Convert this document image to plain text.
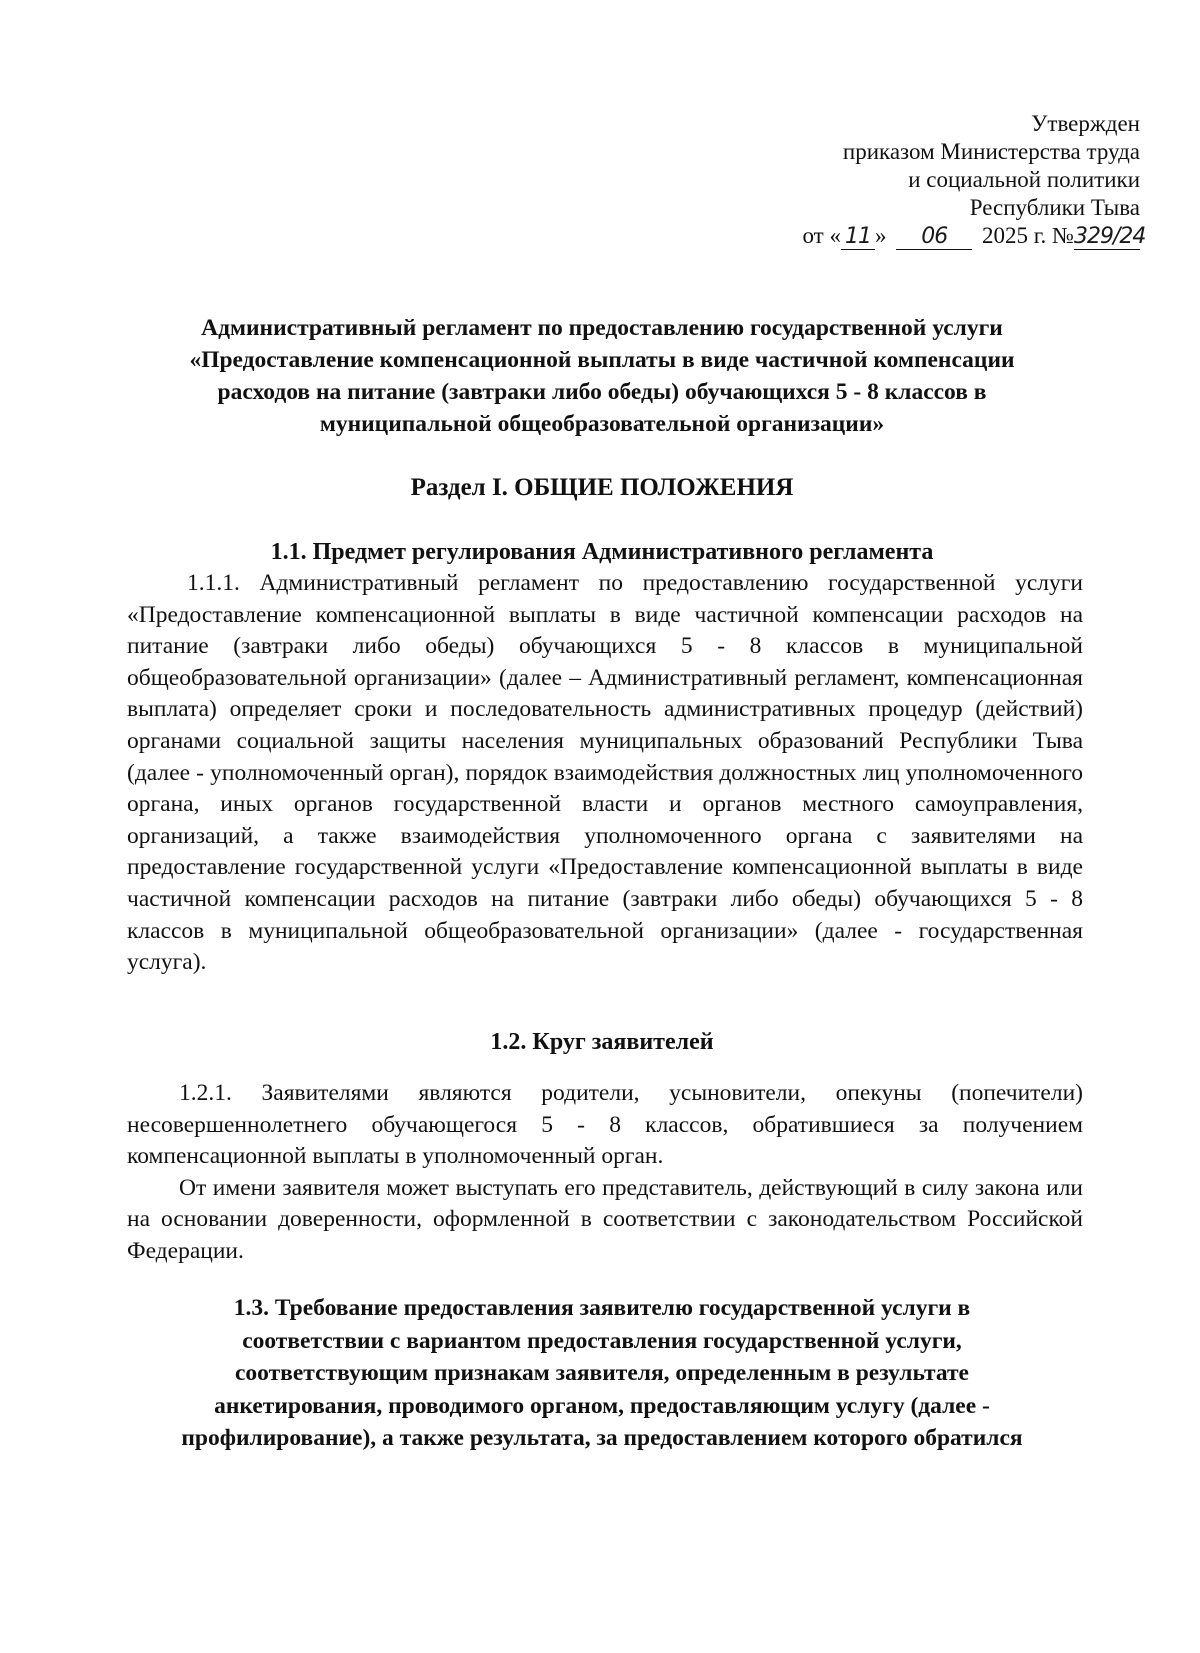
Утвержден
приказом Министерства труда
и социальной политики
Республики Тыва
от « 11 » 06 2025 г. №329/24
Административный регламент по предоставлению государственной услуги
«Предоставление компенсационной выплаты в виде частичной компенсации
расходов на питание (завтраки либо обеды) обучающихся 5 - 8 классов в
муниципальной общеобразовательной организации»
Раздел I. ОБЩИЕ ПОЛОЖЕНИЯ
1.1. Предмет регулирования Административного регламента

1.1.1. Административный регламент по предоставлению государственной услуги «Предоставление компенсационной выплаты в виде частичной компенсации расходов на питание (завтраки либо обеды) обучающихся 5 - 8 классов в муниципальной общеобразовательной организации» (далее – Административный регламент, компенсационная выплата) определяет сроки и последовательность административных процедур (действий) органами социальной защиты населения муниципальных образований Республики Тыва (далее - уполномоченный орган), порядок взаимодействия должностных лиц уполномоченного органа, иных органов государственной власти и органов местного самоуправления, организаций, а также взаимодействия уполномоченного органа с заявителями на предоставление государственной услуги «Предоставление компенсационной выплаты в виде частичной компенсации расходов на питание (завтраки либо обеды) обучающихся 5 - 8 классов в муниципальной общеобразовательной организации» (далее - государственная услуга).

1.2. Круг заявителей

1.2.1. Заявителями являются родители, усыновители, опекуны (попечители) несовершеннолетнего обучающегося 5 - 8 классов, обратившиеся за получением компенсационной выплаты в уполномоченный орган.

От имени заявителя может выступать его представитель, действующий в силу закона или на основании доверенности, оформленной в соответствии с законодательством Российской Федерации.

1.3. Требование предоставления заявителю государственной услуги в
соответствии с вариантом предоставления государственной услуги,
соответствующим признакам заявителя, определенным в результате
анкетирования, проводимого органом, предоставляющим услугу (далее -
профилирование), а также результата, за предоставлением которого обратился
